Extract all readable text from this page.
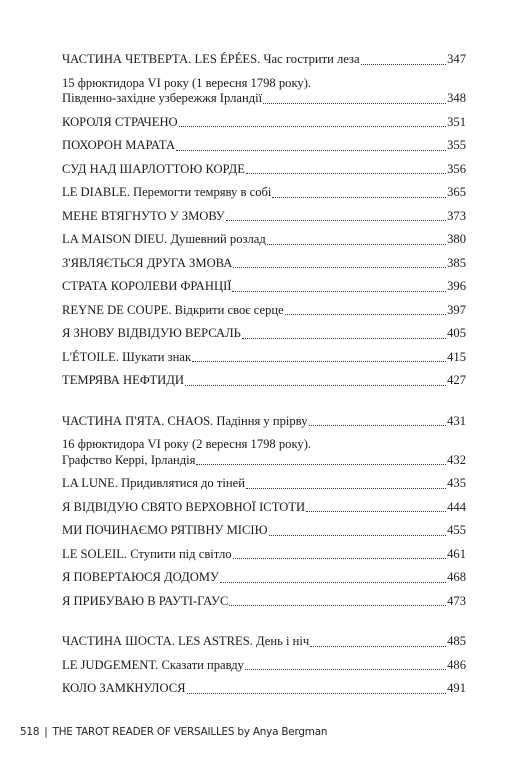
ЧАСТИНА ЧЕТВЕРТА. LES ÉPÉES. Час гострити леза	347
15 фрюктидора VI року (1 вересня 1798 року).
Південно-західне узбережжя Ірландії	348
КОРОЛЯ СТРАЧЕНО	351
ПОХОРОН МАРАТА	355
СУД НАД ШАРЛОТТОЮ КОРДЕ	356
LE DIABLE. Перемогти темряву в собі	365
МЕНЕ ВТЯГНУТО У ЗМОВУ	373
LA MAISON DIEU. Душевний розлад	380
З'ЯВЛЯЄТЬСЯ ДРУГА ЗМОВА	385
СТРАТА КОРОЛЕВИ ФРАНЦІЇ	396
REYNE DE COUPE. Відкрити своє серце	397
Я ЗНОВУ ВІДВІДУЮ ВЕРСАЛЬ	405
L'ÉTOILE. Шукати знак	415
ТЕМРЯВА НЕФТИДИ	427
ЧАСТИНА П'ЯТА. CHAOS. Падіння у прірву	431
16 фрюктидора VI року (2 вересня 1798 року).
Графство Керрі, Ірландія	432
LA LUNE. Придивлятися до тіней	435
Я ВІДВІДУЮ СВЯТО ВЕРХОВНОЇ ІСТОТИ	444
МИ ПОЧИНАЄМО РЯТІВНУ МІСІЮ	455
LE SOLEIL. Ступити під світло	461
Я ПОВЕРТАЮСЯ ДОДОМУ	468
Я ПРИБУВАЮ В РАУТІ-ГАУС	473
ЧАСТИНА ШОСТА. LES ASTRES. День і ніч	485
LE JUDGEMENT. Сказати правду	486
КОЛО ЗАМКНУЛОСЯ	491
518 | THE TAROT READER OF VERSAILLES by Anya Bergman
